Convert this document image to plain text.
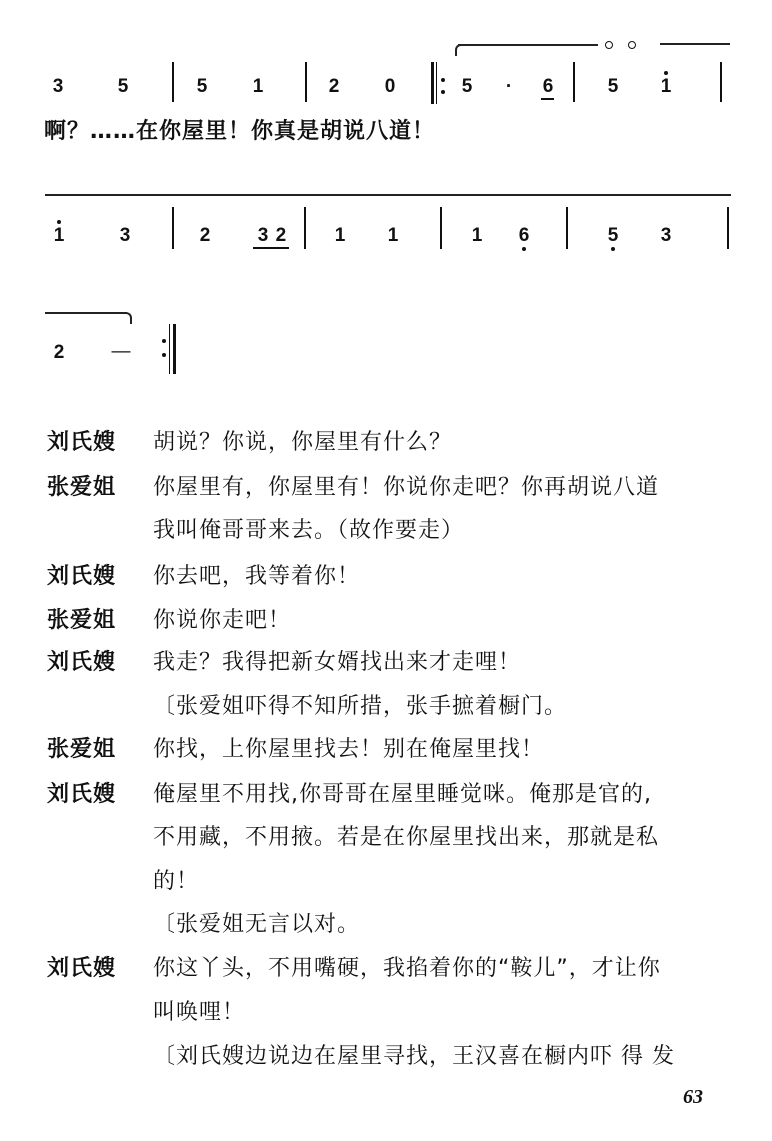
3	5	5 1	2 0	5 · 6	5 1
啊？……在你屋里！你真是胡说八道！
1	3	2	3 2	1 1	1 6	5 3
2 —
刘氏嫂 胡说？你说，你屋里有什么？
张爱姐 你屋里有，你屋里有！你说你走吧？你再胡说八道
我叫俺哥哥来去。（故作要走）
刘氏嫂 你去吧，我等着你！
张爱姐 你说你走吧！
刘氏嫂 我走？我得把新女婿找出来才走哩！
〔张爱姐吓得不知所措，张手摭着橱门。
张爱姐 你找，上你屋里找去！别在俺屋里找！
刘氏嫂 俺屋里不用找,你哥哥在屋里睡觉咪。俺那是官的,
不用藏，不用掖。若是在你屋里找出来，那就是私
的！
〔张爱姐无言以对。
刘氏嫂 你这丫头，不用嘴硬，我掐着你的“鞍儿”，才让你
叫唤哩！
〔刘氏嫂边说边在屋里寻找，王汉喜在橱内吓 得 发
63
